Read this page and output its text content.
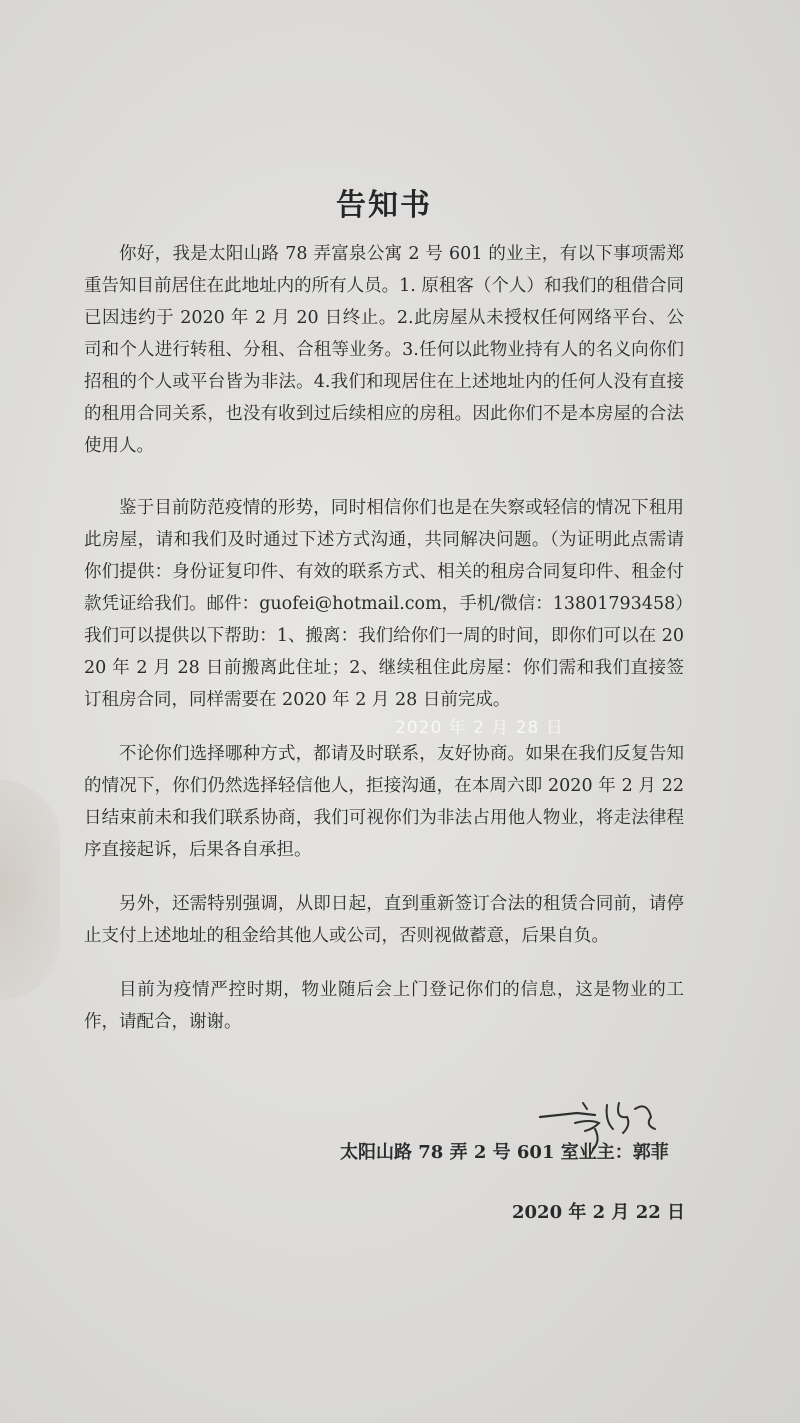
告知书

你好，我是太阳山路 78 弄富泉公寓 2 号 601 的业主，有以下事项需郑重告知目前居住在此地址内的所有人员。1. 原租客（个人）和我们的租借合同已因违约于 2020 年 2 月 20 日终止。2.此房屋从未授权任何网络平台、公司和个人进行转租、分租、合租等业务。3.任何以此物业持有人的名义向你们招租的个人或平台皆为非法。4.我们和现居住在上述地址内的任何人没有直接的租用合同关系，也没有收到过后续相应的房租。因此你们不是本房屋的合法使用人。

鉴于目前防范疫情的形势，同时相信你们也是在失察或轻信的情况下租用此房屋，请和我们及时通过下述方式沟通，共同解决问题。（为证明此点需请你们提供：身份证复印件、有效的联系方式、相关的租房合同复印件、租金付款凭证给我们。邮件：guofei@hotmail.com，手机/微信：13801793458）我们可以提供以下帮助：1、搬离：我们给你们一周的时间，即你们可以在 2020 年 2 月 28 日前搬离此住址；2、继续租住此房屋：你们需和我们直接签订租房合同，同样需要在 2020 年 2 月 28 日前完成。

不论你们选择哪种方式，都请及时联系，友好协商。如果在我们反复告知的情况下，你们仍然选择轻信他人，拒接沟通，在本周六即 2020 年 2 月 22 日结束前未和我们联系协商，我们可视你们为非法占用他人物业，将走法律程序直接起诉，后果各自承担。

另外，还需特别强调，从即日起，直到重新签订合法的租赁合同前，请停止支付上述地址的租金给其他人或公司，否则视做蓄意，后果自负。

目前为疫情严控时期，物业随后会上门登记你们的信息，这是物业的工作，请配合，谢谢。

太阳山路 78 弄 2 号 601 室业主：郭菲
2020 年 2 月 22 日
2020 年 2 月 28 日
